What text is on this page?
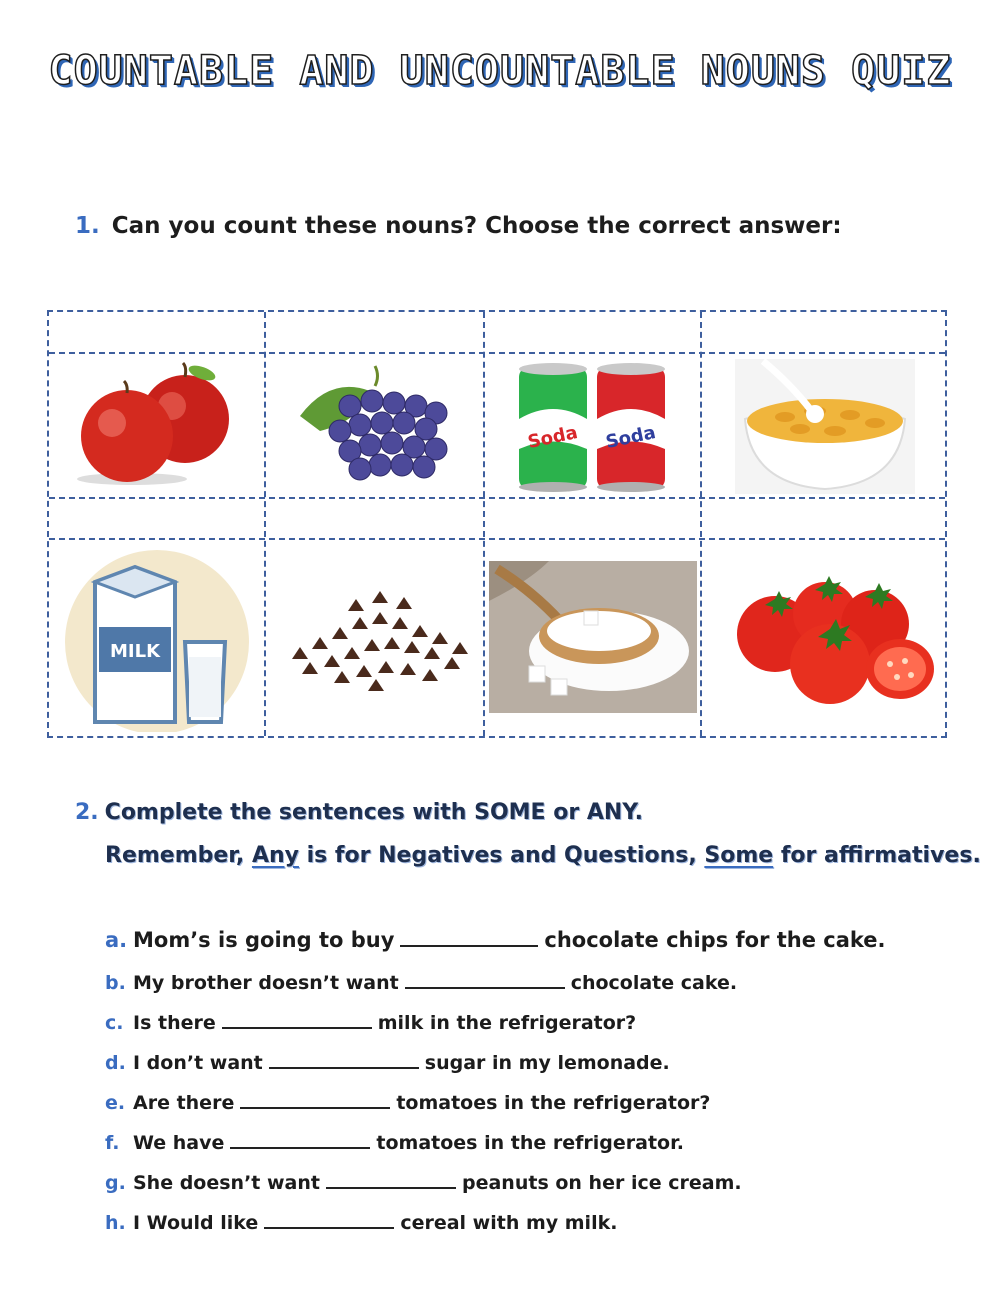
COUNTABLE AND UNCOUNTABLE NOUNS QUIZ
1. Can you count these nouns? Choose the correct answer:
Soda Soda
MILK
2. Complete the sentences with SOME or ANY.
Remember, Any is for Negatives and Questions, Some for affirmatives.
a. Mom’s is going to buy	chocolate chips for the cake.
b. My brother doesn’t want	chocolate cake.
c. Is there	milk in the refrigerator?
d. I don’t want	sugar in my lemonade.
e. Are there	tomatoes in the refrigerator?
f. We have	tomatoes in the refrigerator.
g. She doesn’t want	peanuts on her ice cream.
h. I Would like	cereal with my milk.
